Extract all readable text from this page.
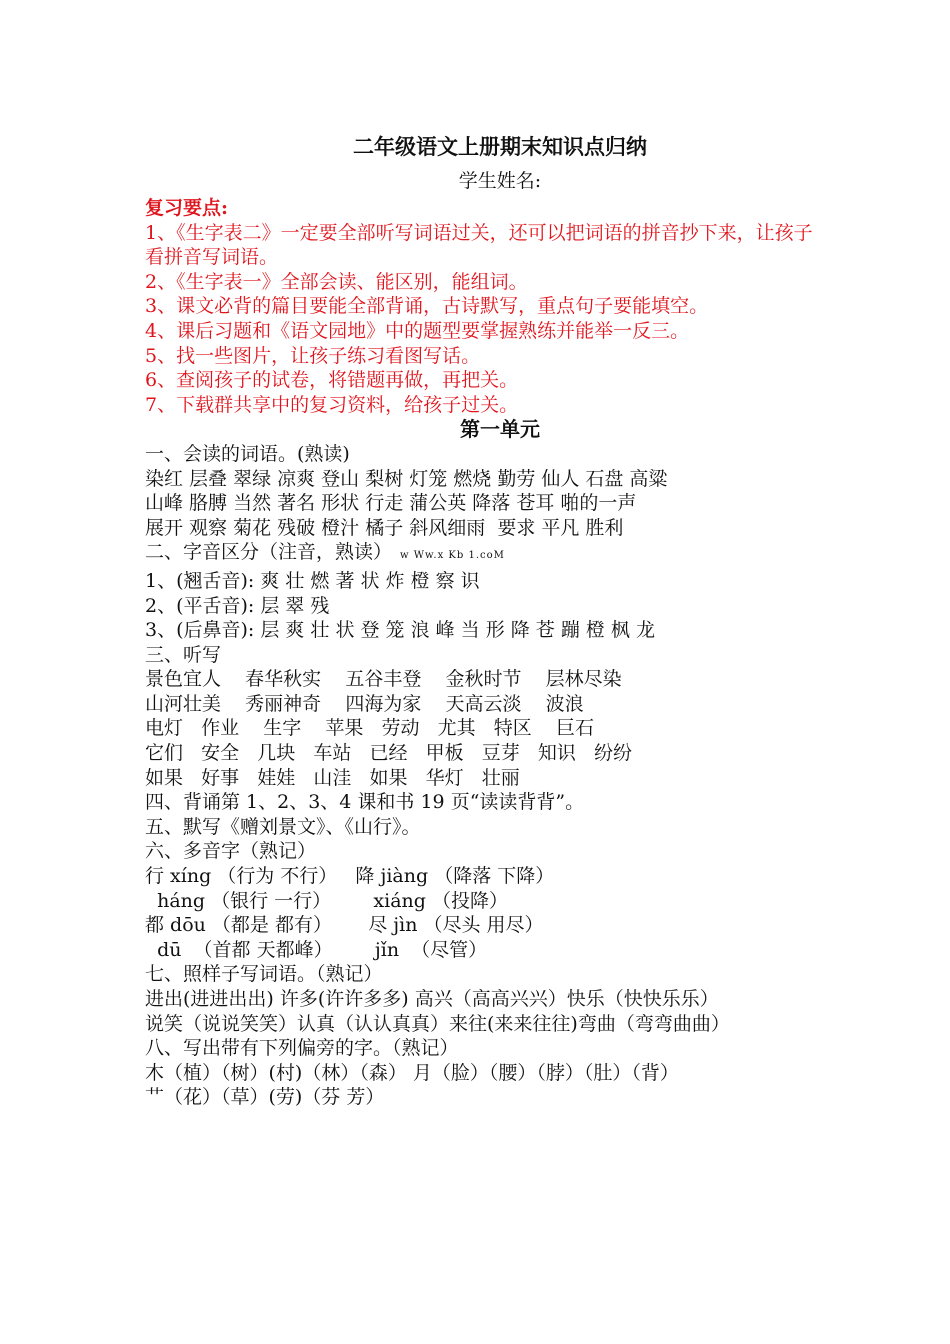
二年级语文上册期末知识点归纳
学生姓名:
复习要点:
1、《生字表二》一定要全部听写词语过关，还可以把词语的拼音抄下来，让孩子看拼音写词语。
2、《生字表一》全部会读、能区别，能组词。
3、课文必背的篇目要能全部背诵，古诗默写，重点句子要能填空。
4、课后习题和《语文园地》中的题型要掌握熟练并能举一反三。
5、找一些图片，让孩子练习看图写话。
6、查阅孩子的试卷，将错题再做，再把关。
7、下载群共享中的复习资料，给孩子过关。
第一单元
一、会读的词语。(熟读)
染红 层叠 翠绿 凉爽 登山 梨树 灯笼 燃烧 勤劳 仙人 石盘 高粱
山峰 胳膊 当然 著名 形状 行走 蒲公英 降落 苍耳 啪的一声
展开 观察 菊花 残破 橙汁 橘子 斜风细雨  要求 平凡 胜利
二、字音区分（注音，熟读） w Ww.x Kb 1.coM
1、(翘舌音): 爽 壮 燃 著 状 炸 橙 察 识
2、(平舌音): 层 翠 残
3、(后鼻音): 层 爽 壮 状 登 笼 浪 峰 当 形 降 苍 蹦 橙 枫 龙
三、听写
景色宜人    春华秋实    五谷丰登    金秋时节    层林尽染
山河壮美    秀丽神奇    四海为家    天高云淡    波浪
电灯   作业    生字    苹果   劳动   尤其   特区    巨石
它们   安全   几块   车站   已经   甲板   豆芽   知识   纷纷
如果   好事   娃娃   山洼   如果   华灯   壮丽
四、背诵第 1、2、3、4 课和书 19 页“读读背背”。
五、默写《赠刘景文》、《山行》。
六、多音字（熟记）
行 xíng （行为 不行）   降 jiàng （降落 下降）
háng （银行 一行）       xiáng （投降）
都 dōu （都是 都有）      尽 jìn （尽头 用尽）
dū  （首都 天都峰）       jǐn  （尽管）
七、照样子写词语。（熟记）
进出(进进出出) 许多(许许多多) 高兴（高高兴兴）快乐（快快乐乐）
说笑（说说笑笑）认真（认认真真）来往(来来往往)弯曲（弯弯曲曲）
八、写出带有下列偏旁的字。（熟记）
木（植）（树）(村)（林）（森） 月（脸）（腰）（脖）（肚）（背）
艹（花）（草）(劳)（芬 芳）
